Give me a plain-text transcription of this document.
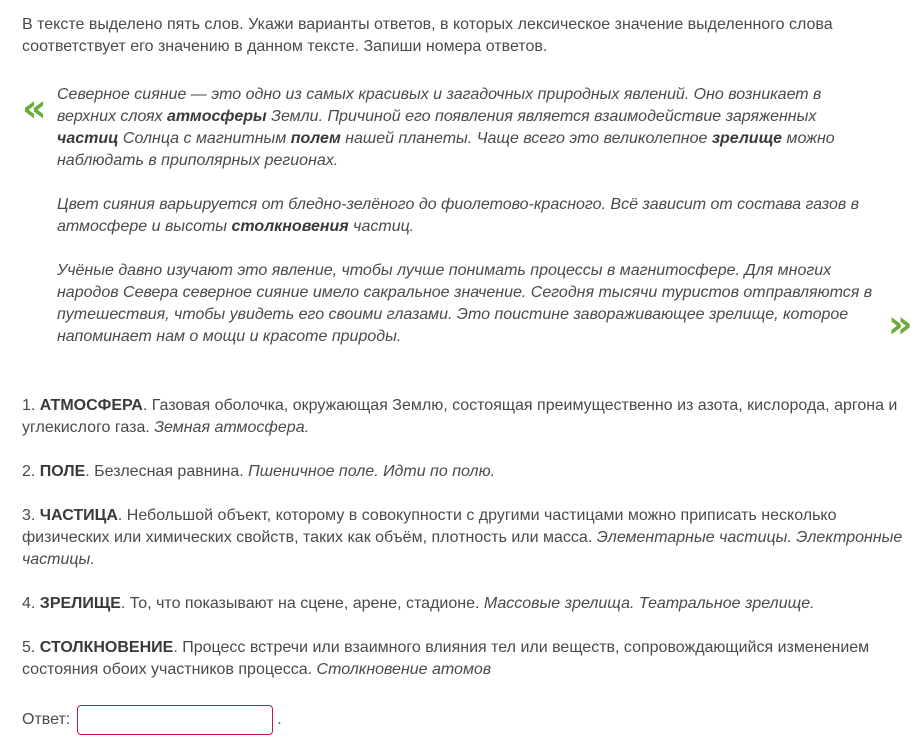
В тексте выделено пять слов. Укажи варианты ответов, в которых лексическое значение выделенного слова соответствует его значению в данном тексте. Запиши номера ответов.
« Северное сияние — это одно из самых красивых и загадочных природных явлений. Оно возникает в верхних слоях атмосферы Земли. Причиной его появления является взаимодействие заряженных частиц Солнца с магнитным полем нашей планеты. Чаще всего это великолепное зрелище можно наблюдать в приполярных регионах.

Цвет сияния варьируется от бледно-зелёного до фиолетово-красного. Всё зависит от состава газов в атмосфере и высоты столкновения частиц.

Учёные давно изучают это явление, чтобы лучше понимать процессы в магнитосфере. Для многих народов Севера северное сияние имело сакральное значение. Сегодня тысячи туристов отправляются в путешествия, чтобы увидеть его своими глазами. Это поистине завораживающее зрелище, которое напоминает нам о мощи и красоте природы.	»
1. АТМОСФЕРА. Газовая оболочка, окружающая Землю, состоящая преимущественно из азота, кислорода, аргона и углекислого газа. Земная атмосфера.
2. ПОЛЕ. Безлесная равнина. Пшеничное поле. Идти по полю.
3. ЧАСТИЦА. Небольшой объект, которому в совокупности с другими частицами можно приписать несколько физических или химических свойств, таких как объём, плотность или масса. Элементарные частицы. Электронные частицы.
4. ЗРЕЛИЩЕ. То, что показывают на сцене, арене, стадионе. Массовые зрелища. Театральное зрелище.
5. СТОЛКНОВЕНИЕ. Процесс встречи или взаимного влияния тел или веществ, сопровождающийся изменением состояния обоих участников процесса. Столкновение атомов
Ответ:	.
